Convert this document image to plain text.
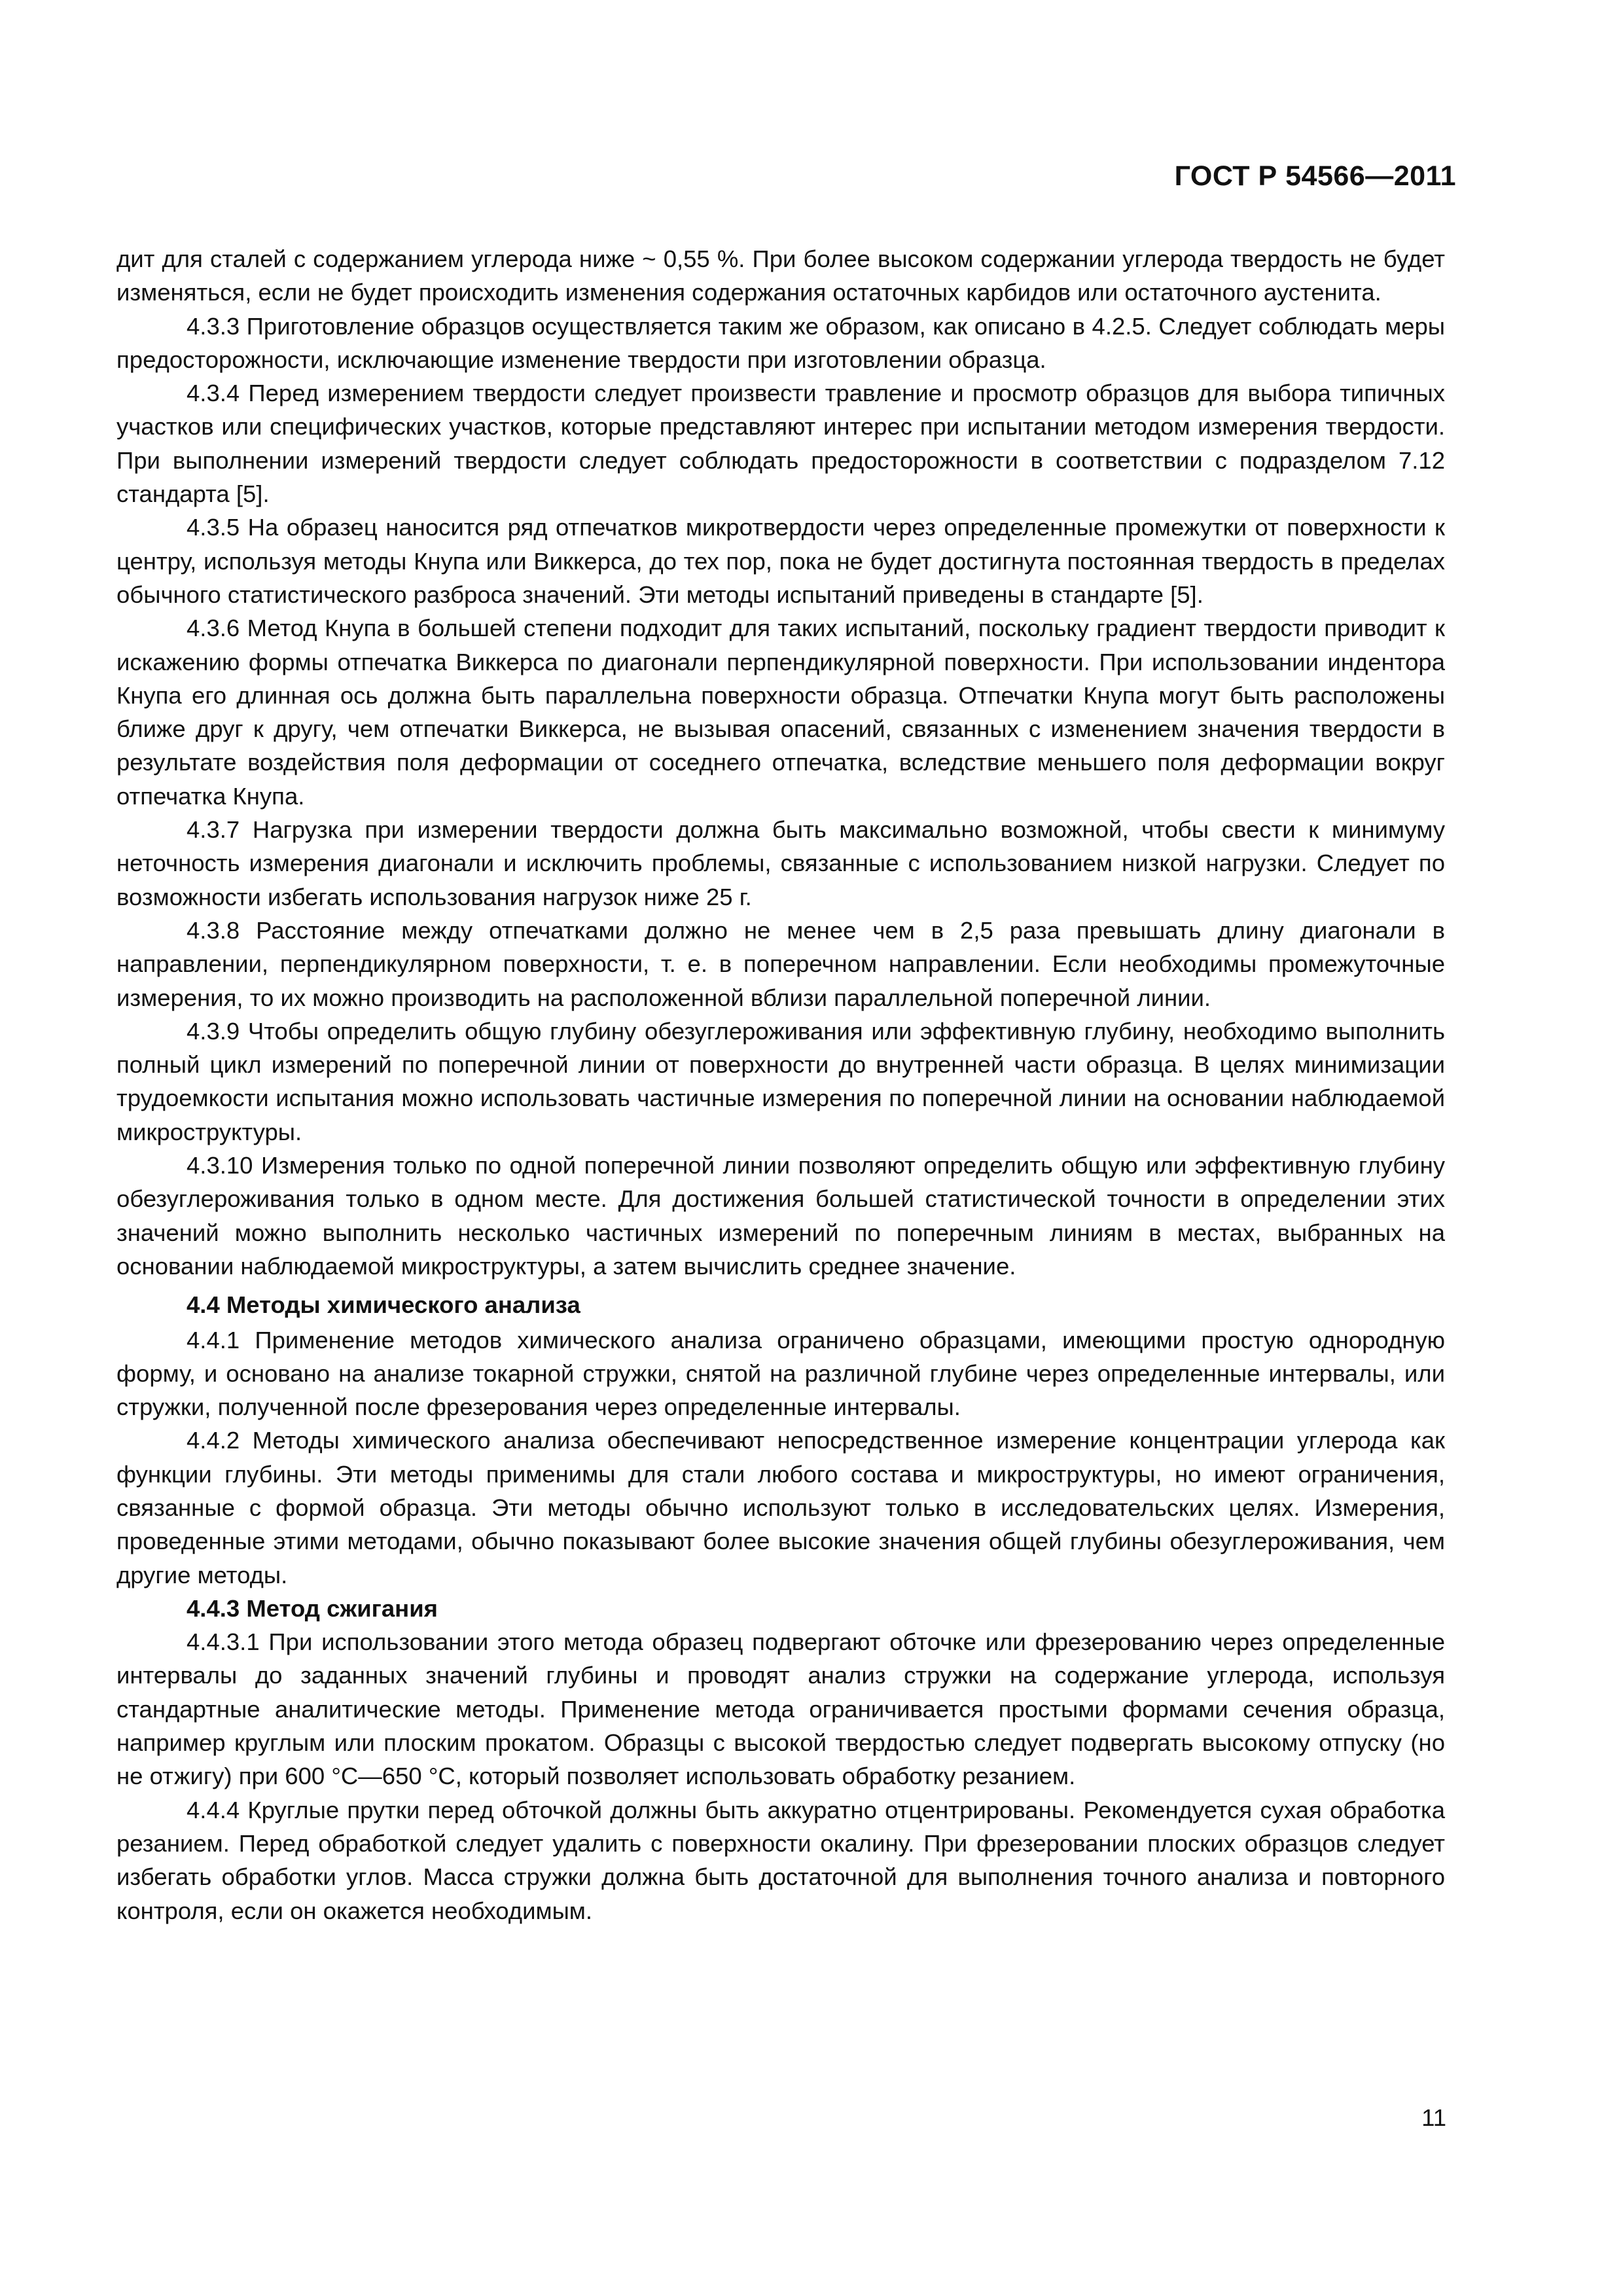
ГОСТ Р 54566—2011

дит для сталей с содержанием углерода ниже ~ 0,55 %. При более высоком содержании углерода твердость не будет изменяться, если не будет происходить изменения содержания остаточных карбидов или остаточного аустенита.

4.3.3 Приготовление образцов осуществляется таким же образом, как описано в 4.2.5. Следует соблюдать меры предосторожности, исключающие изменение твердости при изготовлении образца.

4.3.4 Перед измерением твердости следует произвести травление и просмотр образцов для выбора типичных участков или специфических участков, которые представляют интерес при испытании методом измерения твердости. При выполнении измерений твердости следует соблюдать предосторожности в соответствии с подразделом 7.12 стандарта [5].

4.3.5 На образец наносится ряд отпечатков микротвердости через определенные промежутки от поверхности к центру, используя методы Кнупа или Виккерса, до тех пор, пока не будет достигнута постоянная твердость в пределах обычного статистического разброса значений. Эти методы испытаний приведены в стандарте [5].

4.3.6 Метод Кнупа в большей степени подходит для таких испытаний, поскольку градиент твердости приводит к искажению формы отпечатка Виккерса по диагонали перпендикулярной поверхности. При использовании индентора Кнупа его длинная ось должна быть параллельна поверхности образца. Отпечатки Кнупа могут быть расположены ближе друг к другу, чем отпечатки Виккерса, не вызывая опасений, связанных с изменением значения твердости в результате воздействия поля деформации от соседнего отпечатка, вследствие меньшего поля деформации вокруг отпечатка Кнупа.

4.3.7 Нагрузка при измерении твердости должна быть максимально возможной, чтобы свести к минимуму неточность измерения диагонали и исключить проблемы, связанные с использованием низкой нагрузки. Следует по возможности избегать использования нагрузок ниже 25 г.

4.3.8 Расстояние между отпечатками должно не менее чем в 2,5 раза превышать длину диагонали в направлении, перпендикулярном поверхности, т. е. в поперечном направлении. Если необходимы промежуточные измерения, то их можно производить на расположенной вблизи параллельной поперечной линии.

4.3.9 Чтобы определить общую глубину обезуглероживания или эффективную глубину, необходимо выполнить полный цикл измерений по поперечной линии от поверхности до внутренней части образца. В целях минимизации трудоемкости испытания можно использовать частичные измерения по поперечной линии на основании наблюдаемой микроструктуры.

4.3.10 Измерения только по одной поперечной линии позволяют определить общую или эффективную глубину обезуглероживания только в одном месте. Для достижения большей статистической точности в определении этих значений можно выполнить несколько частичных измерений по поперечным линиям в местах, выбранных на основании наблюдаемой микроструктуры, а затем вычислить среднее значение.

4.4 Методы химического анализа

4.4.1 Применение методов химического анализа ограничено образцами, имеющими простую однородную форму, и основано на анализе токарной стружки, снятой на различной глубине через определенные интервалы, или стружки, полученной после фрезерования через определенные интервалы.

4.4.2 Методы химического анализа обеспечивают непосредственное измерение концентрации углерода как функции глубины. Эти методы применимы для стали любого состава и микроструктуры, но имеют ограничения, связанные с формой образца. Эти методы обычно используют только в исследовательских целях. Измерения, проведенные этими методами, обычно показывают более высокие значения общей глубины обезуглероживания, чем другие методы.

4.4.3 Метод сжигания

4.4.3.1 При использовании этого метода образец подвергают обточке или фрезерованию через определенные интервалы до заданных значений глубины и проводят анализ стружки на содержание углерода, используя стандартные аналитические методы. Применение метода ограничивается простыми формами сечения образца, например круглым или плоским прокатом. Образцы с высокой твердостью следует подвергать высокому отпуску (но не отжигу) при 600 °C—650 °C, который позволяет использовать обработку резанием.

4.4.4 Круглые прутки перед обточкой должны быть аккуратно отцентрированы. Рекомендуется сухая обработка резанием. Перед обработкой следует удалить с поверхности окалину. При фрезеровании плоских образцов следует избегать обработки углов. Масса стружки должна быть достаточной для выполнения точного анализа и повторного контроля, если он окажется необходимым.

11
